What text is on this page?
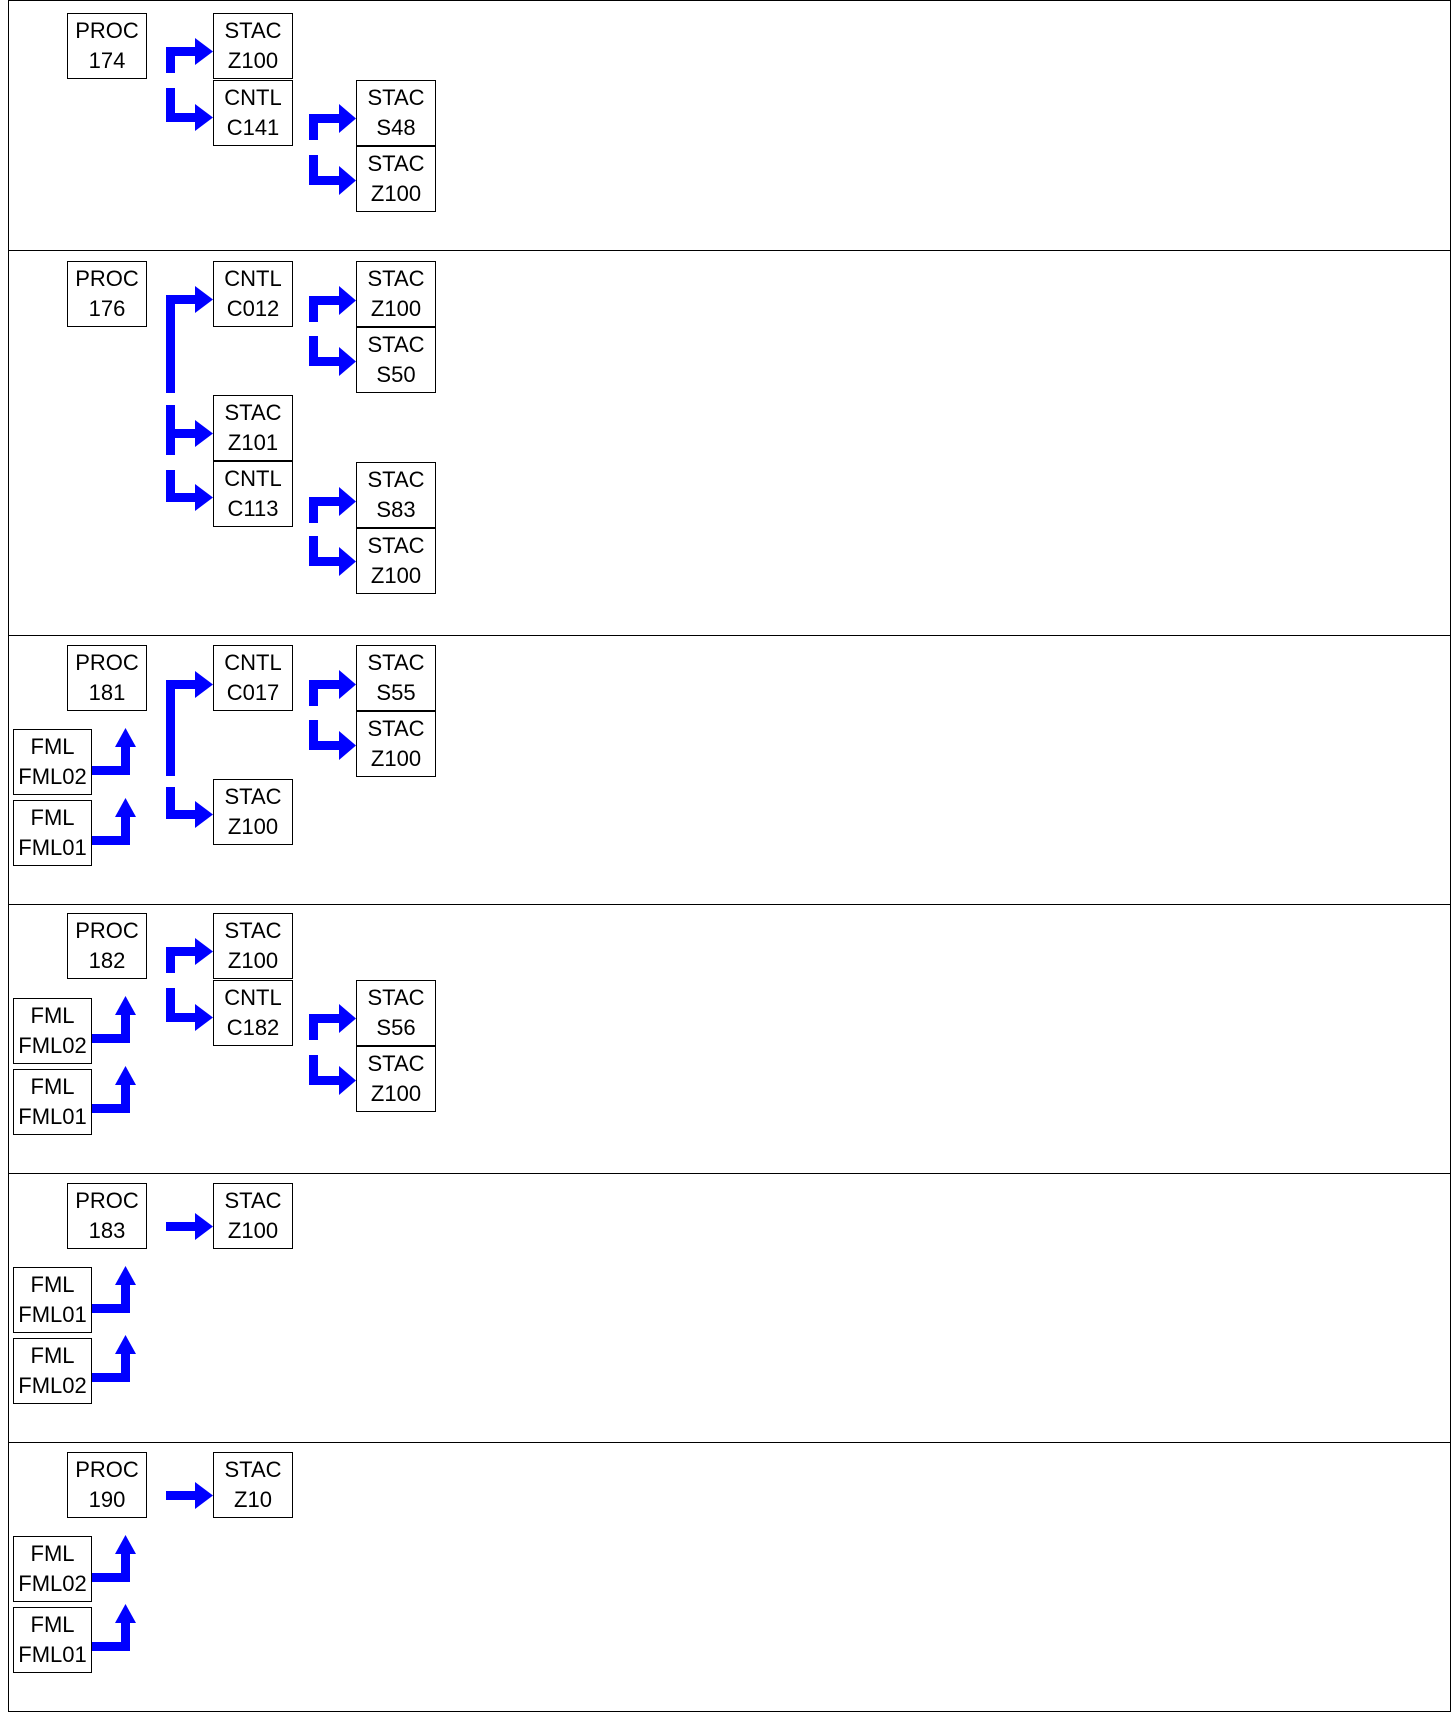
PROC
174
STAC
Z100
CNTL
C141
STAC
S48
STAC
Z100
PROC
176
CNTL
C012
STAC
Z100
STAC
S50
STAC
Z101
CNTL
C113
STAC
S83
STAC
Z100
PROC
181
CNTL
C017
STAC
S55
STAC
Z100
STAC
Z100
FML
FML02
FML
FML01
PROC
182
STAC
Z100
CNTL
C182
STAC
S56
STAC
Z100
FML
FML02
FML
FML01
PROC
183
STAC
Z100
FML
FML01
FML
FML02
PROC
190
STAC
Z10
FML
FML02
FML
FML01
